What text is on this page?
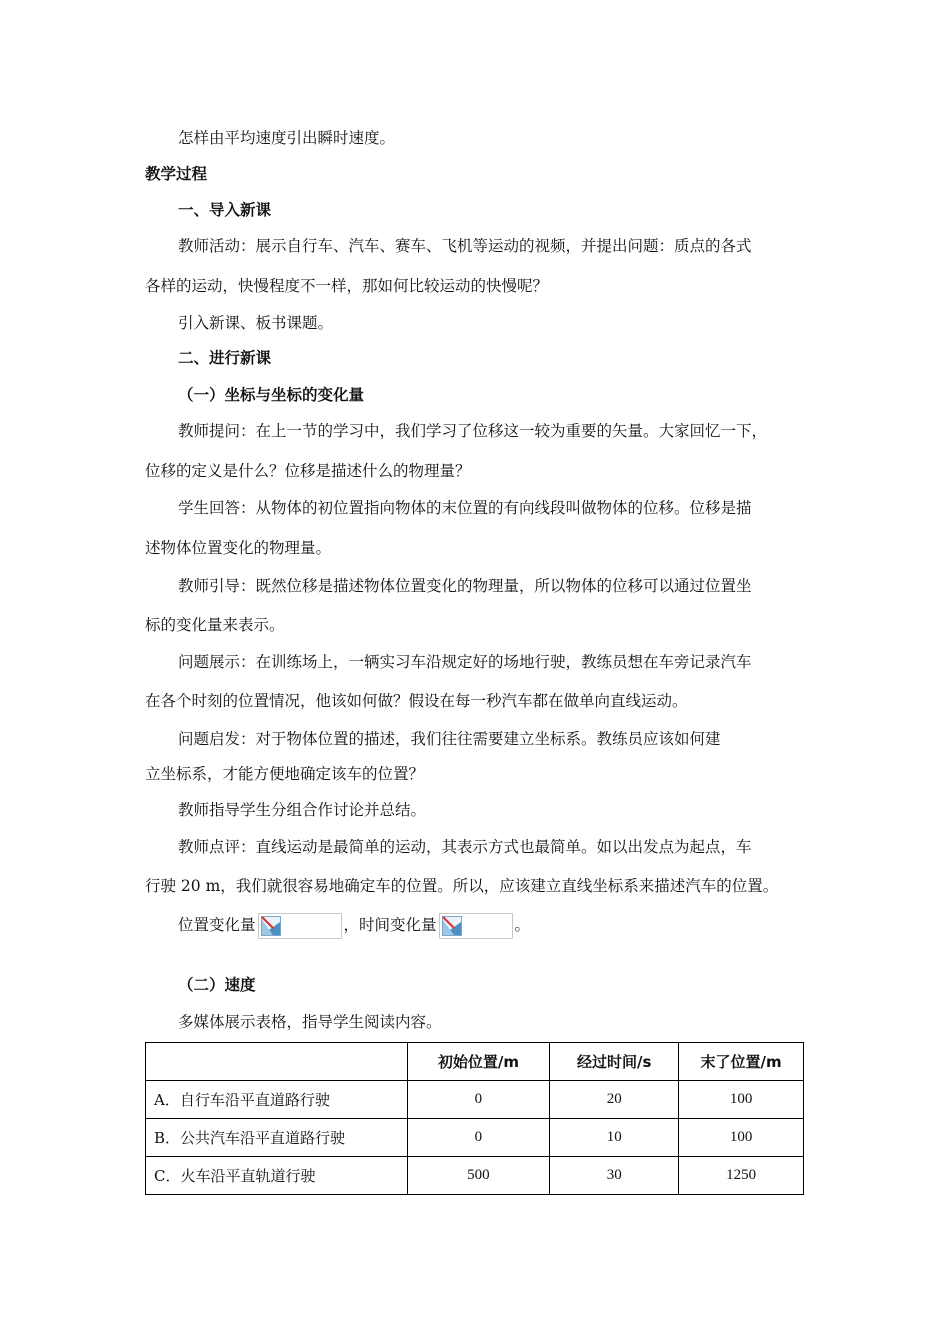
怎样由平均速度引出瞬时速度。
教学过程
一、导入新课
教师活动：展示自行车、汽车、赛车、飞机等运动的视频，并提出问题：质点的各式
各样的运动，快慢程度不一样，那如何比较运动的快慢呢？
引入新课、板书课题。
二、进行新课
（一）坐标与坐标的变化量
教师提问：在上一节的学习中，我们学习了位移这一较为重要的矢量。大家回忆一下，
位移的定义是什么？位移是描述什么的物理量？
学生回答：从物体的初位置指向物体的末位置的有向线段叫做物体的位移。位移是描
述物体位置变化的物理量。
教师引导：既然位移是描述物体位置变化的物理量，所以物体的位移可以通过位置坐
标的变化量来表示。
问题展示：在训练场上，一辆实习车沿规定好的场地行驶，教练员想在车旁记录汽车
在各个时刻的位置情况，他该如何做？假设在每一秒汽车都在做单向直线运动。
问题启发：对于物体位置的描述，我们往往需要建立坐标系。教练员应该如何建
立坐标系，才能方便地确定该车的位置？
教师指导学生分组合作讨论并总结。
教师点评：直线运动是最简单的运动，其表示方式也最简单。如以出发点为起点，车
行驶 20 m，我们就很容易地确定车的位置。所以，应该建立直线坐标系来描述汽车的位置。
位置变化量	，时间变化量	。
（二）速度
多媒体展示表格，指导学生阅读内容。
	初始位置/m	经过时间/s	末了位置/m
A．自行车沿平直道路行驶	0	20	100
B．公共汽车沿平直道路行驶	0	10	100
C．火车沿平直轨道行驶	500	30	1250
